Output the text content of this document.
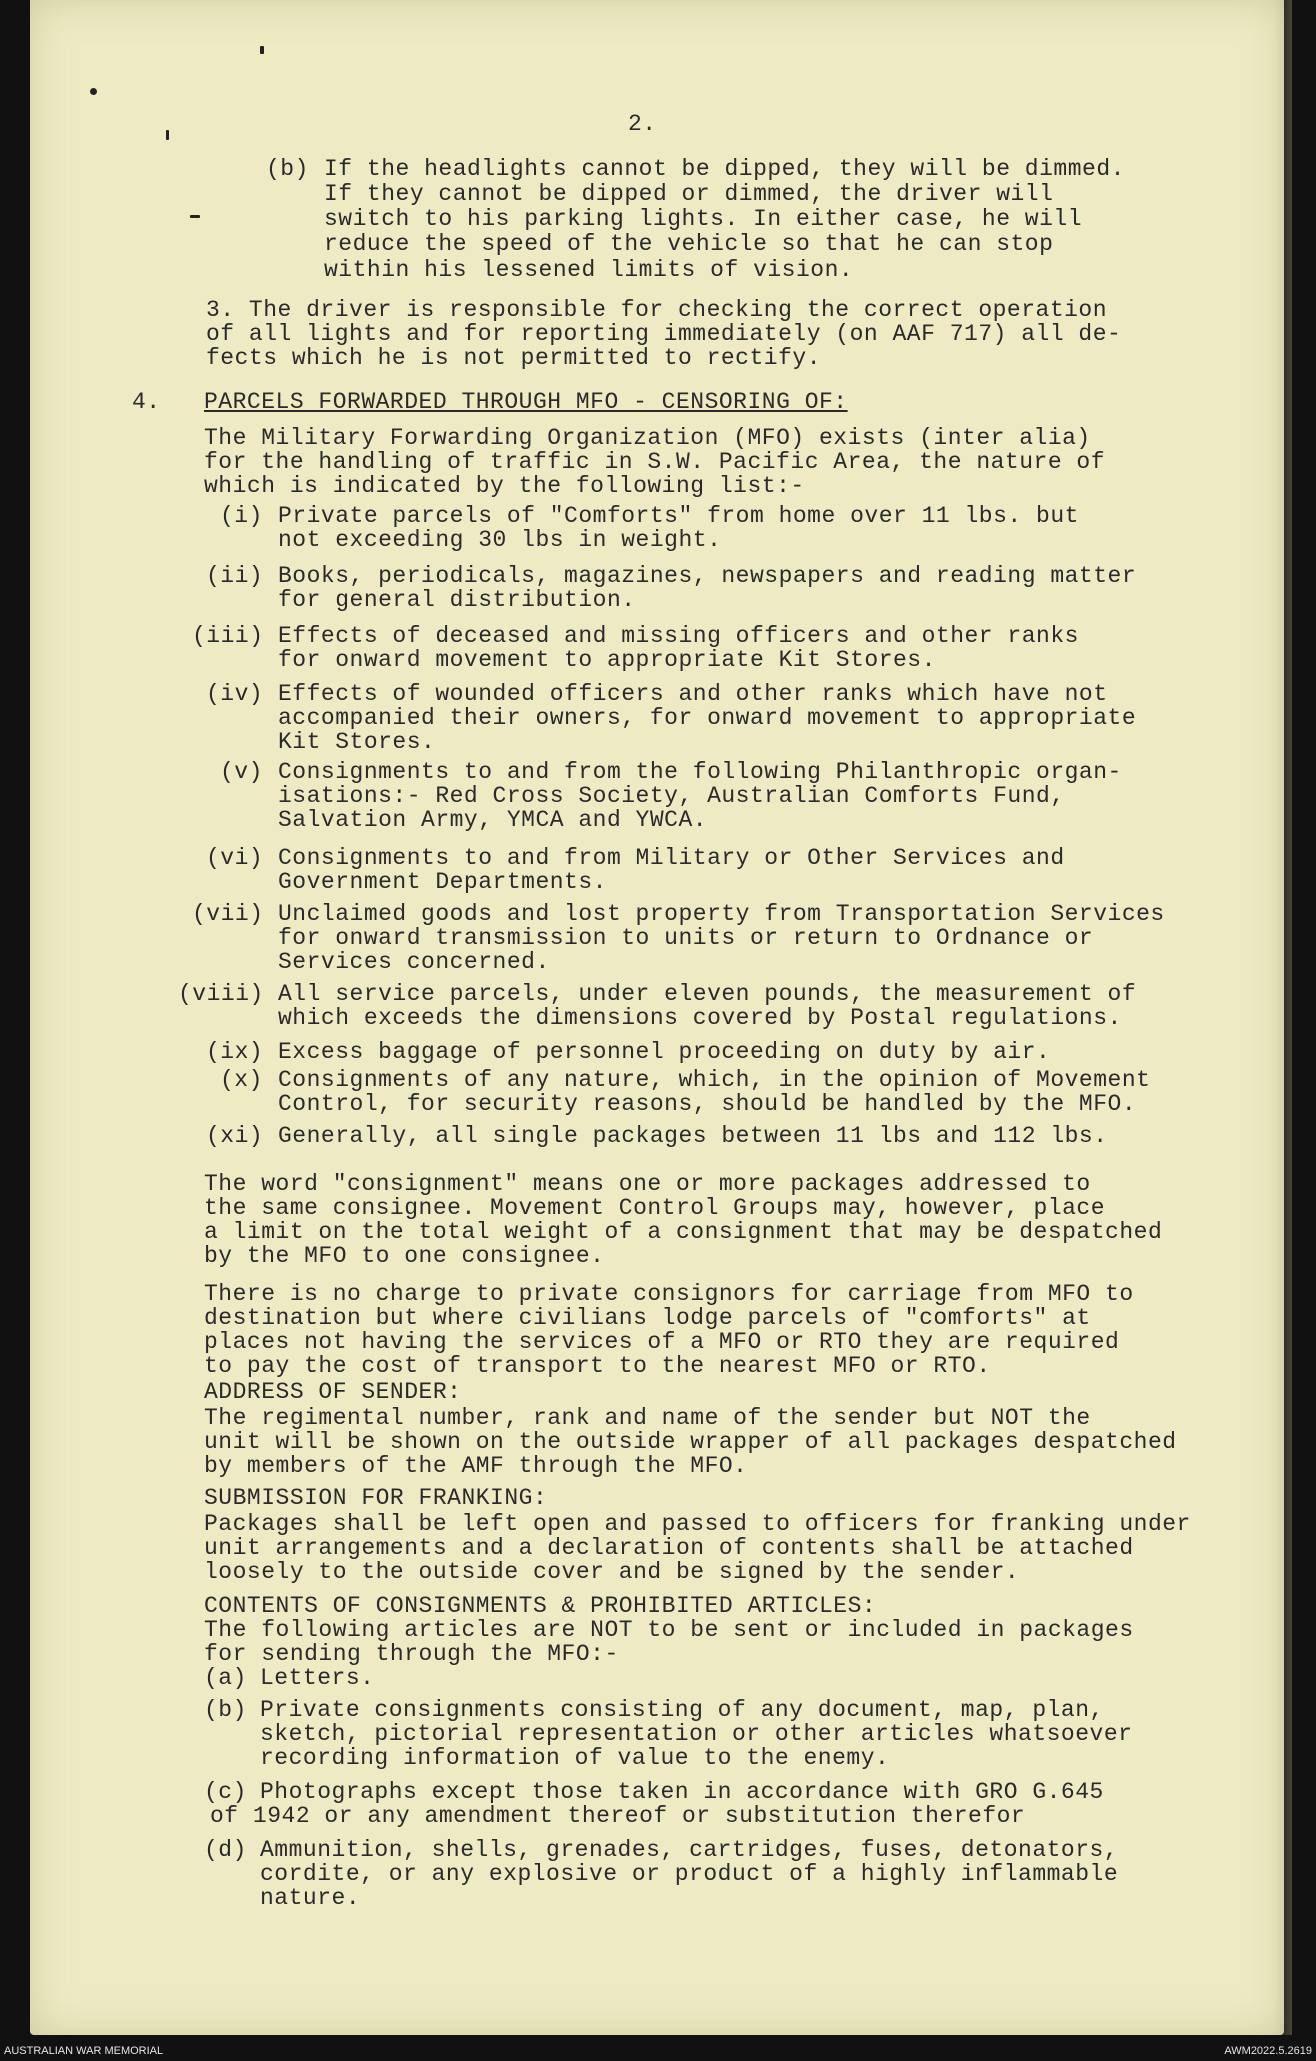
2.
(b) If the headlights cannot be dipped, they will be dimmed.
If they cannot be dipped or dimmed, the driver will
switch to his parking lights. In either case, he will
reduce the speed of the vehicle so that he can stop
within his lessened limits of vision.
3. The driver is responsible for checking the correct operation
of all lights and for reporting immediately (on AAF 717) all de-
fects which he is not permitted to rectify.
4. PARCELS FORWARDED THROUGH MFO - CENSORING OF:
The Military Forwarding Organization (MFO) exists (inter alia)
for the handling of traffic in S.W. Pacific Area, the nature of
which is indicated by the following list:-
(i) Private parcels of "Comforts" from home over 11 lbs. but
not exceeding 30 lbs in weight.
(ii) Books, periodicals, magazines, newspapers and reading matter
for general distribution.
(iii) Effects of deceased and missing officers and other ranks
for onward movement to appropriate Kit Stores.
(iv) Effects of wounded officers and other ranks which have not
accompanied their owners, for onward movement to appropriate
Kit Stores.
(v) Consignments to and from the following Philanthropic organ-
isations:- Red Cross Society, Australian Comforts Fund,
Salvation Army, YMCA and YWCA.
(vi) Consignments to and from Military or Other Services and
Government Departments.
(vii) Unclaimed goods and lost property from Transportation Services
for onward transmission to units or return to Ordnance or
Services concerned.
(viii) All service parcels, under eleven pounds, the measurement of
which exceeds the dimensions covered by Postal regulations.
(ix) Excess baggage of personnel proceeding on duty by air.
(x) Consignments of any nature, which, in the opinion of Movement
Control, for security reasons, should be handled by the MFO.
(xi) Generally, all single packages between 11 lbs and 112 lbs.
The word "consignment" means one or more packages addressed to
the same consignee. Movement Control Groups may, however, place
a limit on the total weight of a consignment that may be despatched
by the MFO to one consignee.
There is no charge to private consignors for carriage from MFO to
destination but where civilians lodge parcels of "comforts" at
places not having the services of a MFO or RTO they are required
to pay the cost of transport to the nearest MFO or RTO.
ADDRESS OF SENDER:
The regimental number, rank and name of the sender but NOT the
unit will be shown on the outside wrapper of all packages despatched
by members of the AMF through the MFO.
SUBMISSION FOR FRANKING:
Packages shall be left open and passed to officers for franking under
unit arrangements and a declaration of contents shall be attached
loosely to the outside cover and be signed by the sender.
CONTENTS OF CONSIGNMENTS & PROHIBITED ARTICLES:
The following articles are NOT to be sent or included in packages
for sending through the MFO:-
(a) Letters.
(b) Private consignments consisting of any document, map, plan,
sketch, pictorial representation or other articles whatsoever
recording information of value to the enemy.
(c) Photographs except those taken in accordance with GRO G.645
of 1942 or any amendment thereof or substitution therefor
(d) Ammunition, shells, grenades, cartridges, fuses, detonators,
cordite, or any explosive or product of a highly inflammable
nature.
AUSTRALIAN WAR MEMORIAL	AWM2022.5.2619
